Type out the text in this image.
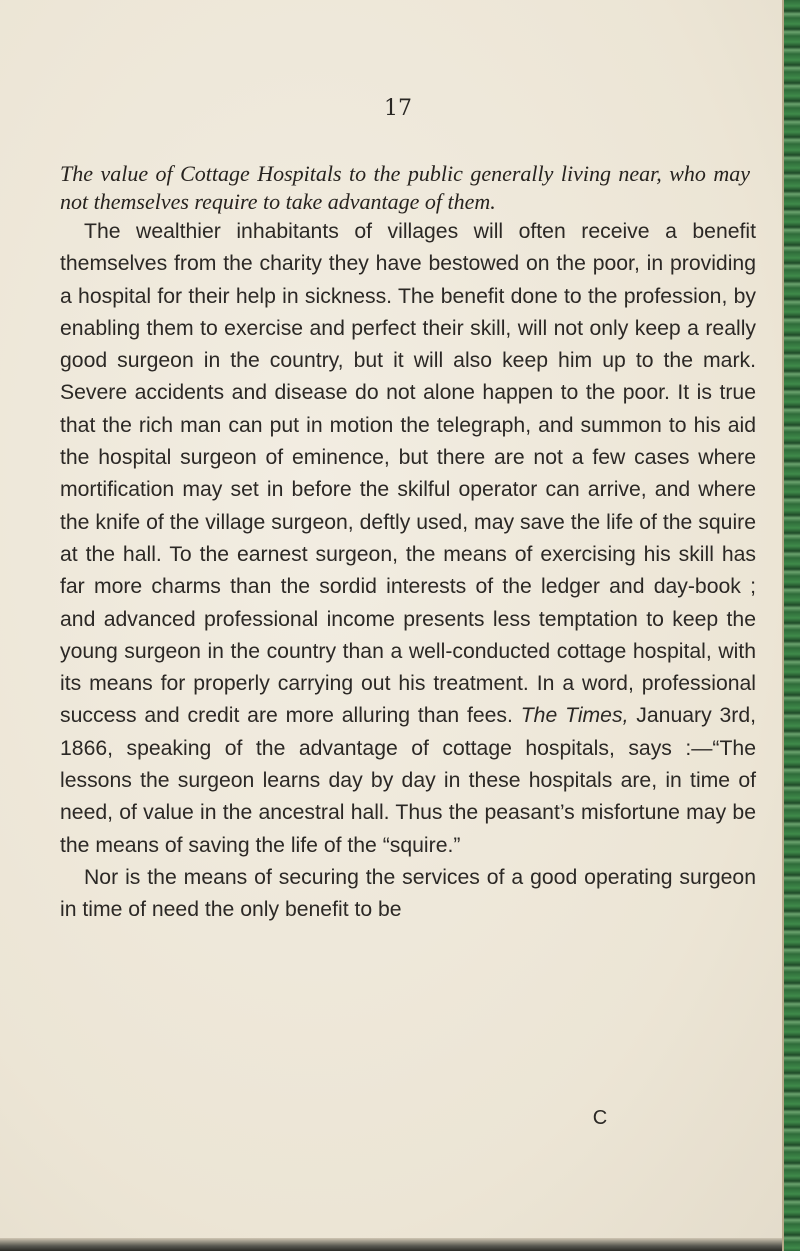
17
The value of Cottage Hospitals to the public generally living near, who may not themselves require to take advantage of them.

The wealthier inhabitants of villages will often receive a benefit themselves from the charity they have bestowed on the poor, in providing a hospital for their help in sickness. The benefit done to the profession, by enabling them to exercise and perfect their skill, will not only keep a really good surgeon in the country, but it will also keep him up to the mark. Severe accidents and disease do not alone happen to the poor. It is true that the rich man can put in motion the telegraph, and summon to his aid the hospital surgeon of eminence, but there are not a few cases where mortification may set in before the skilful operator can arrive, and where the knife of the village surgeon, deftly used, may save the life of the squire at the hall. To the earnest surgeon, the means of exercising his skill has far more charms than the sordid interests of the ledger and day-book ; and advanced professional income presents less temptation to keep the young surgeon in the country than a well-conducted cottage hospital, with its means for properly carrying out his treatment. In a word, professional success and credit are more alluring than fees. The Times, January 3rd, 1866, speaking of the advantage of cottage hospitals, says :—“The lessons the surgeon learns day by day in these hospitals are, in time of need, of value in the ancestral hall. Thus the peasant’s misfortune may be the means of saving the life of the “squire.”

Nor is the means of securing the services of a good operating surgeon in time of need the only benefit to be

C
